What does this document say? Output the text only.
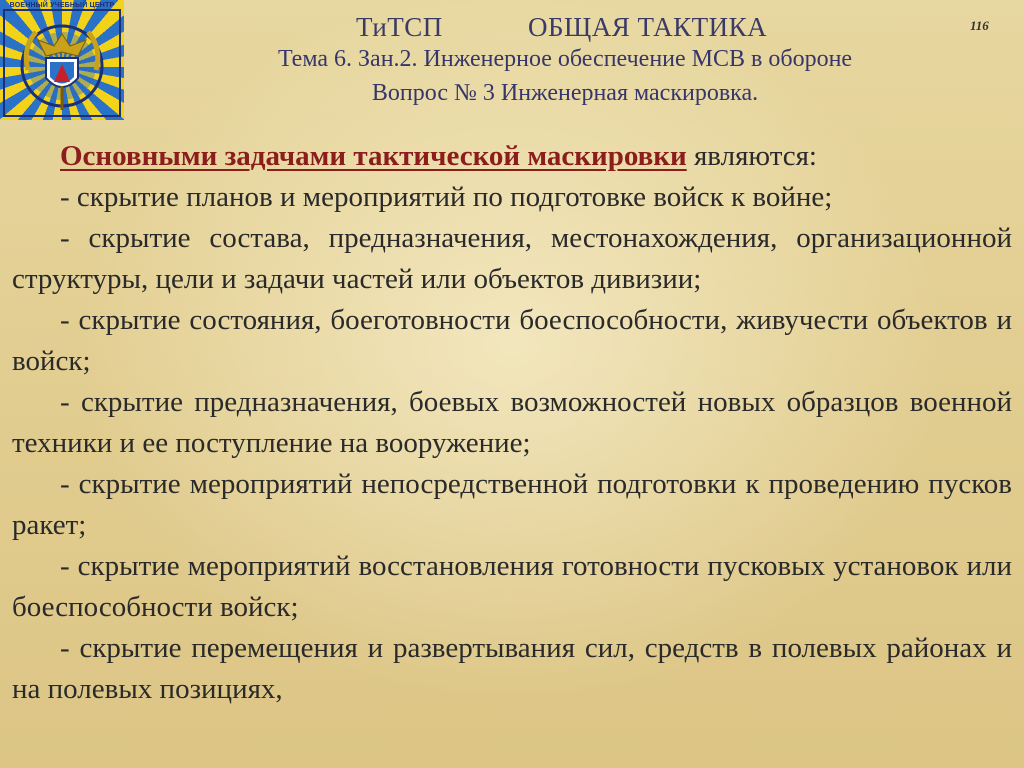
ВОЕННЫЙ УЧЕБНЫЙ ЦЕНТР
ТиТСП	ОБЩАЯ ТАКТИКА	116
Тема 6. Зан.2. Инженерное обеспечение МСВ в обороне
Вопрос № 3 Инженерная маскировка.

Основными задачами тактической маскировки являются:

- скрытие планов и мероприятий по подготовке войск к войне;

- скрытие состава, предназначения, местонахождения, организационной структуры, цели и задачи частей или объектов дивизии;

- скрытие состояния, боеготовности боеспособности, живучести объектов и войск;

- скрытие предназначения, боевых возможностей новых образцов военной техники и ее поступление на вооружение;

- скрытие мероприятий непосредственной подготовки к проведению пусков ракет;

- скрытие мероприятий восстановления готовности пусковых установок или боеспособности войск;

- скрытие перемещения и развертывания сил, средств в полевых районах и на полевых позициях,
